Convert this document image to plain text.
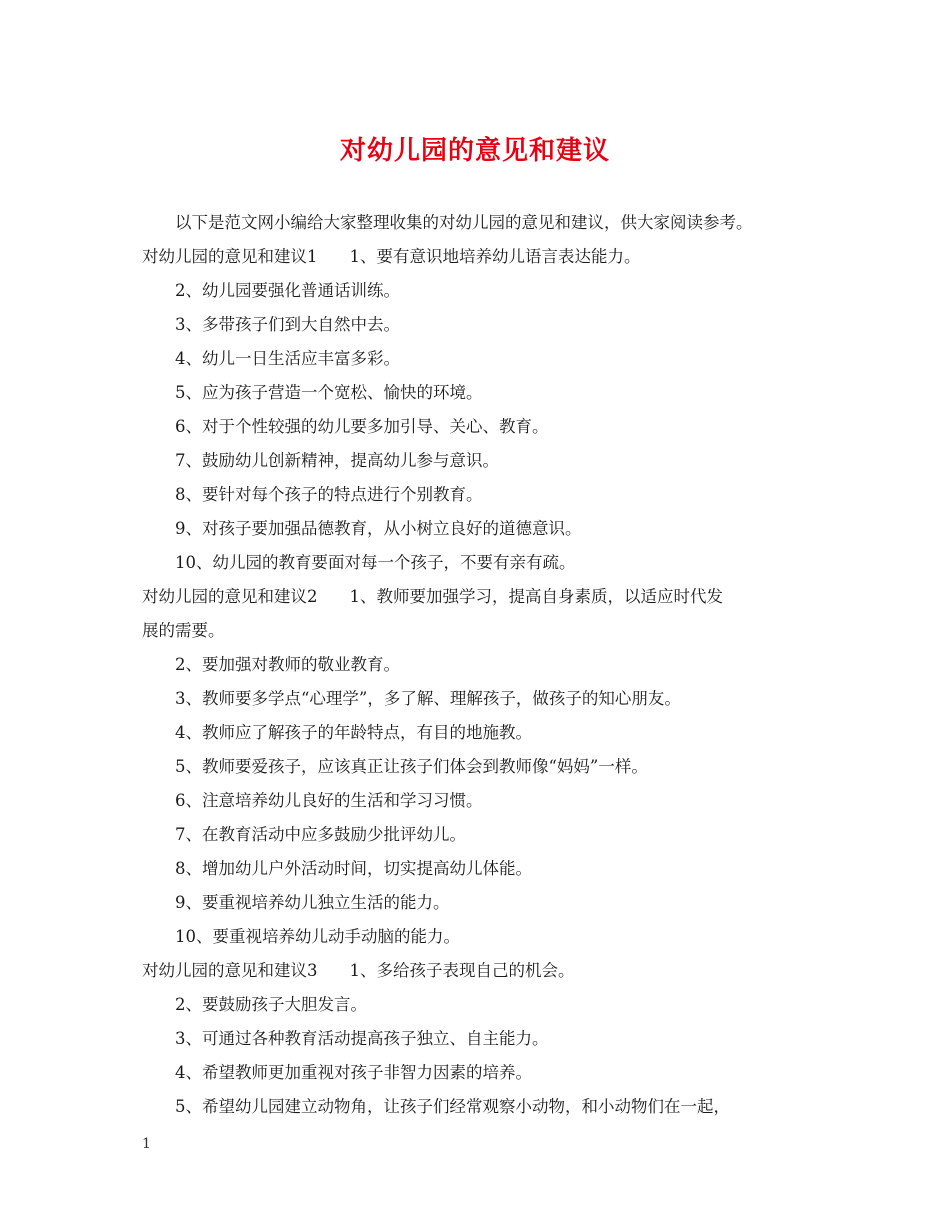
对幼儿园的意见和建议

以下是范文网小编给大家整理收集的对幼儿园的意见和建议，供大家阅读参考。

对幼儿园的意见和建议1 1、要有意识地培养幼儿语言表达能力。

2、幼儿园要强化普通话训练。

3、多带孩子们到大自然中去。

4、幼儿一日生活应丰富多彩。

5、应为孩子营造一个宽松、愉快的环境。

6、对于个性较强的幼儿要多加引导、关心、教育。

7、鼓励幼儿创新精神，提高幼儿参与意识。

8、要针对每个孩子的特点进行个别教育。

9、对孩子要加强品德教育，从小树立良好的道德意识。

10、幼儿园的教育要面对每一个孩子，不要有亲有疏。

对幼儿园的意见和建议2 1、教师要加强学习，提高自身素质，以适应时代发

展的需要。

2、要加强对教师的敬业教育。

3、教师要多学点“心理学”，多了解、理解孩子，做孩子的知心朋友。

4、教师应了解孩子的年龄特点，有目的地施教。

5、教师要爱孩子，应该真正让孩子们体会到教师像“妈妈”一样。

6、注意培养幼儿良好的生活和学习习惯。

7、在教育活动中应多鼓励少批评幼儿。

8、增加幼儿户外活动时间，切实提高幼儿体能。

9、要重视培养幼儿独立生活的能力。

10、要重视培养幼儿动手动脑的能力。

对幼儿园的意见和建议3 1、多给孩子表现自己的机会。

2、要鼓励孩子大胆发言。

3、可通过各种教育活动提高孩子独立、自主能力。

4、希望教师更加重视对孩子非智力因素的培养。

5、希望幼儿园建立动物角，让孩子们经常观察小动物，和小动物们在一起，

1
